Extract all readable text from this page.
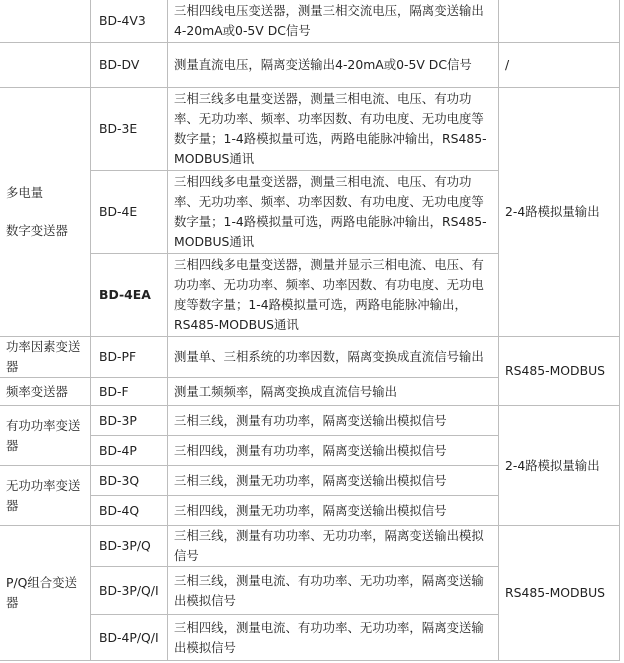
	BD-4V3	三相四线电压变送器，测量三相交流电压，隔离变送输出4-20mA或0-5V DC信号	
	BD-DV	测量直流电压，隔离变送输出4-20mA或0-5V DC信号	/

多电量
数字变送器	BD-3E	三相三线多电量变送器，测量三相电流、电压、有功功率、无功功率、频率、功率因数、有功电度、无功电度等数字量；1-4路模拟量可选，两路电能脉冲输出，RS485-MODBUS通讯	2-4路模拟量输出
	BD-4E	三相四线多电量变送器，测量三相电流、电压、有功功率、无功功率、频率、功率因数、有功电度、无功电度等数字量；1-4路模拟量可选，两路电能脉冲输出，RS485-MODBUS通讯	
	BD-4EA	三相四线多电量变送器，测量并显示三相电流、电压、有功功率、无功功率、频率、功率因数、有功电度、无功电度等数字量；1-4路模拟量可选，两路电能脉冲输出，RS485-MODBUS通讯	
功率因素变送器	BD-PF	测量单、三相系统的功率因数，隔离变换成直流信号输出	RS485-MODBUS
频率变送器	BD-F	测量工频频率，隔离变换成直流信号输出	
有功功率变送器	BD-3P	三相三线，测量有功功率，隔离变送输出模拟信号	2-4路模拟量输出
	BD-4P	三相四线，测量有功功率，隔离变送输出模拟信号	
无功功率变送器	BD-3Q	三相三线，测量无功功率，隔离变送输出模拟信号	
	BD-4Q	三相四线，测量无功功率，隔离变送输出模拟信号	
P/Q组合变送器	BD-3P/Q	三相三线，测量有功功率、无功功率，隔离变送输出模拟信号	RS485-MODBUS
	BD-3P/Q/I	三相三线，测量电流、有功功率、无功功率，隔离变送输出模拟信号	
	BD-4P/Q/I	三相四线，测量电流、有功功率、无功功率，隔离变送输出模拟信号	
